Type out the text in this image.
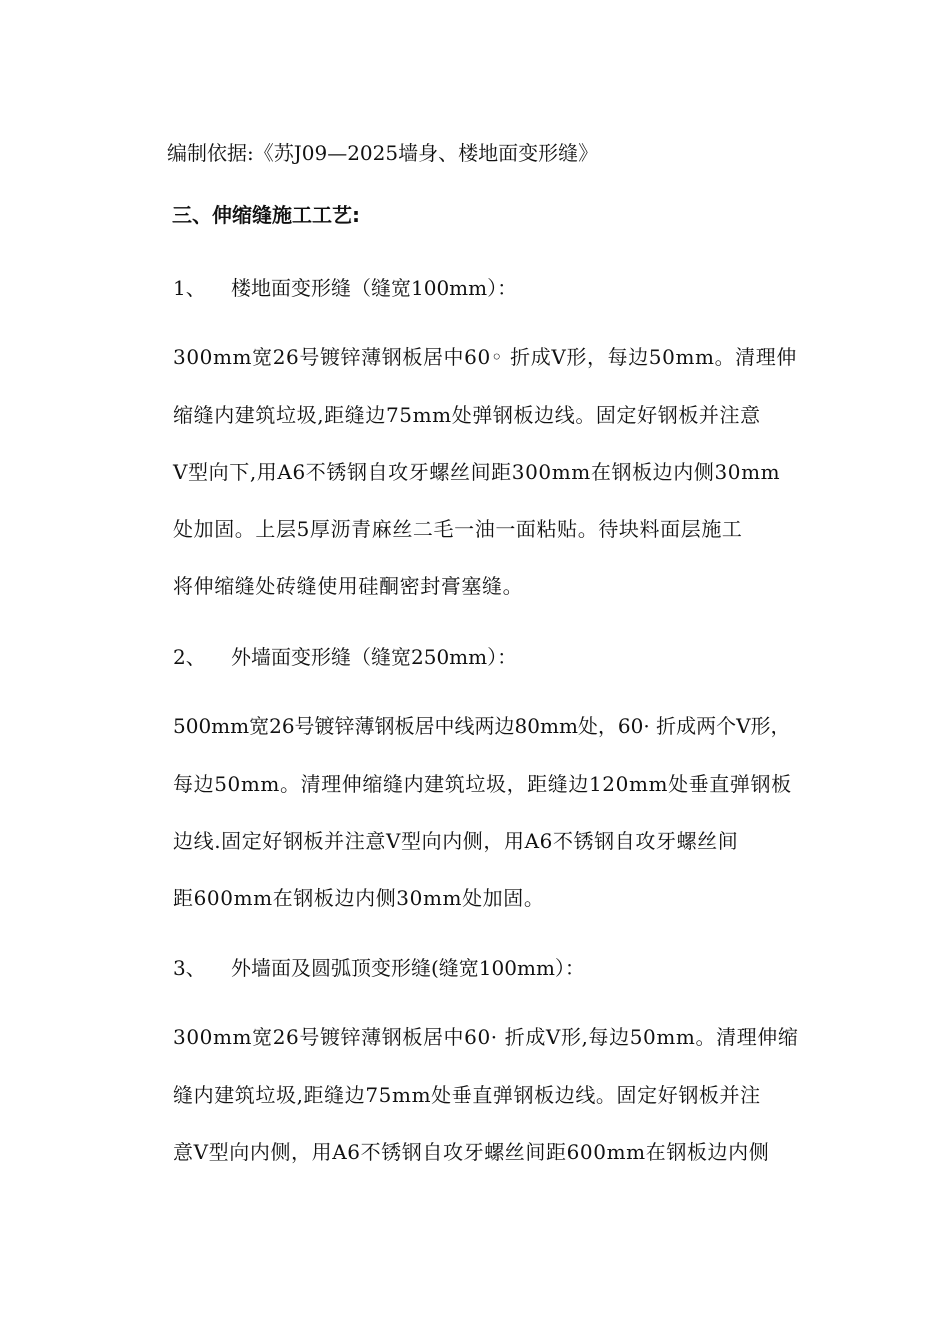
编制依据:《苏J09—2025墙身、楼地面变形缝》
三、伸缩缝施工工艺:
1、 楼地面变形缝（缝宽100mm）：
300mm宽26号镀锌薄钢板居中60◦ 折成V形，每边50mm。清理伸
缩缝内建筑垃圾,距缝边75mm处弹钢板边线。固定好钢板并注意
V型向下,用A6不锈钢自攻牙螺丝间距300mm在钢板边内侧30mm
处加固。上层5厚沥青麻丝二毛一油一面粘贴。待块料面层施工
将伸缩缝处砖缝使用硅酮密封膏塞缝。
2、 外墙面变形缝（缝宽250mm）：
500mm宽26号镀锌薄钢板居中线两边80mm处，60· 折成两个V形，
每边50mm。清理伸缩缝内建筑垃圾，距缝边120mm处垂直弹钢板
边线.固定好钢板并注意V型向内侧，用A6不锈钢自攻牙螺丝间
距600mm在钢板边内侧30mm处加固。
3、 外墙面及圆弧顶变形缝(缝宽100mm）：
300mm宽26号镀锌薄钢板居中60· 折成V形,每边50mm。清理伸缩
缝内建筑垃圾,距缝边75mm处垂直弹钢板边线。固定好钢板并注
意V型向内侧，用A6不锈钢自攻牙螺丝间距600mm在钢板边内侧
